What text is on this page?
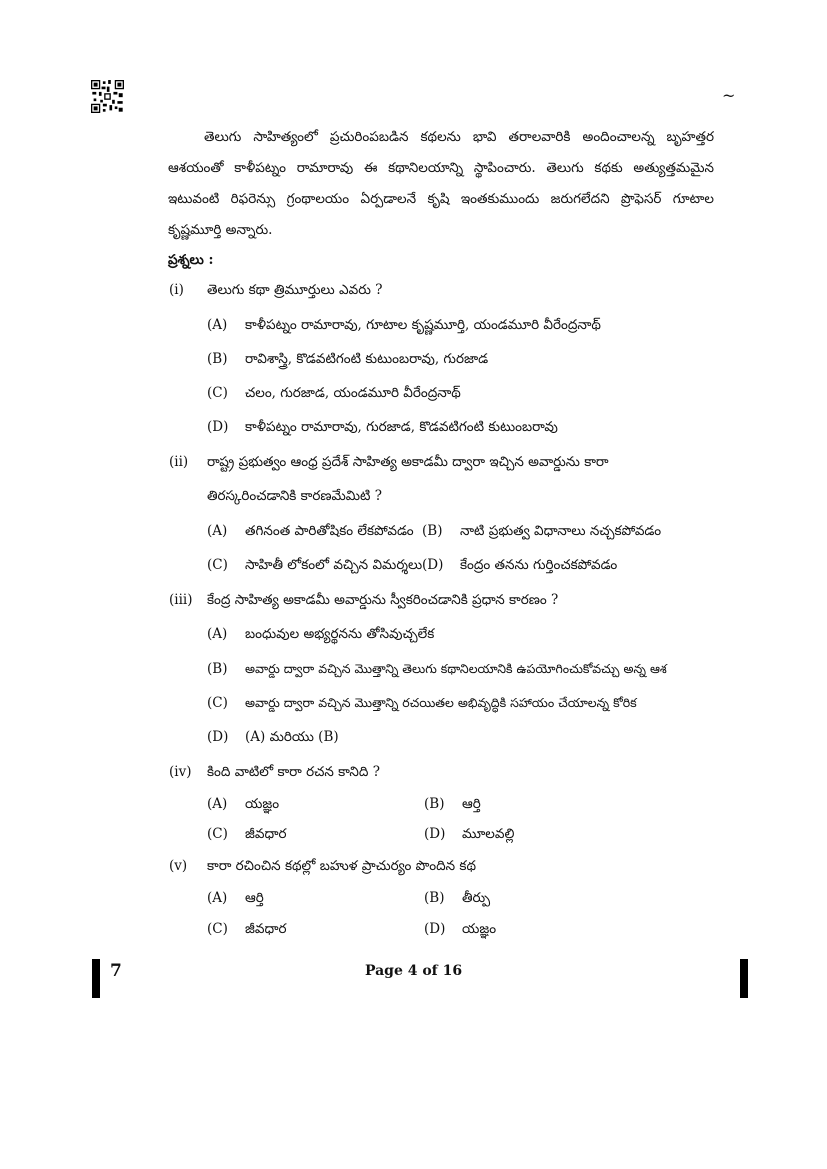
~

తెలుగు సాహిత్యంలో ప్రచురింపబడిన కథలను భావి తరాలవారికి అందించాలన్న బృహత్తర ఆశయంతో కాళీపట్నం రామారావు ఈ కథానిలయాన్ని స్థాపించారు. తెలుగు కథకు అత్యుత్తమమైన ఇటువంటి రిఫరెన్సు గ్రంథాలయం ఏర్పడాలనే కృషి ఇంతకుముందు జరుగలేదని ప్రొఫెసర్ గూటాల కృష్ణమూర్తి అన్నారు.

ప్రశ్నలు :
(i) తెలుగు కథా త్రిమూర్తులు ఎవరు ?
(A) కాళీపట్నం రామారావు, గూటాల కృష్ణమూర్తి, యండమూరి వీరేంద్రనాథ్
(B) రావిశాస్త్రి, కొడవటిగంటి కుటుంబరావు, గురజాడ
(C) చలం, గురజాడ, యండమూరి వీరేంద్రనాథ్
(D) కాళీపట్నం రామారావు, గురజాడ, కొడవటిగంటి కుటుంబరావు
(ii) రాష్ట్ర ప్రభుత్వం ఆంధ్ర ప్రదేశ్ సాహిత్య అకాడమీ ద్వారా ఇచ్చిన అవార్డును కారా
తిరస్కరించడానికి కారణమేమిటి ?
(A) తగినంత పారితోషికం లేకపోవడం (B) నాటి ప్రభుత్వ విధానాలు నచ్చకపోవడం
(C) సాహితీ లోకంలో వచ్చిన విమర్శలు (D) కేంద్రం తనను గుర్తించకపోవడం
(iii) కేంద్ర సాహిత్య అకాడమీ అవార్డును స్వీకరించడానికి ప్రధాన కారణం ?
(A) బంధువుల అభ్యర్థనను తోసివుచ్చలేక
(B) అవార్డు ద్వారా వచ్చిన మొత్తాన్ని తెలుగు కథానిలయానికి ఉపయోగించుకోవచ్చు అన్న ఆశ
(C) అవార్డు ద్వారా వచ్చిన మొత్తాన్ని రచయితల అభివృద్ధికి సహాయం చేయాలన్న కోరిక
(D) (A) మరియు (B)
(iv) కింది వాటిలో కారా రచన కానిది ?
(A) యజ్ఞం	(B) ఆర్తి
(C) జీవధార	(D) మూలవల్లి
(v) కారా రచించిన కథల్లో బహుళ ప్రాచుర్యం పొందిన కథ
(A) ఆర్తి	(B) తీర్పు
(C) జీవధార	(D) యజ్ఞం
7	Page 4 of 16
